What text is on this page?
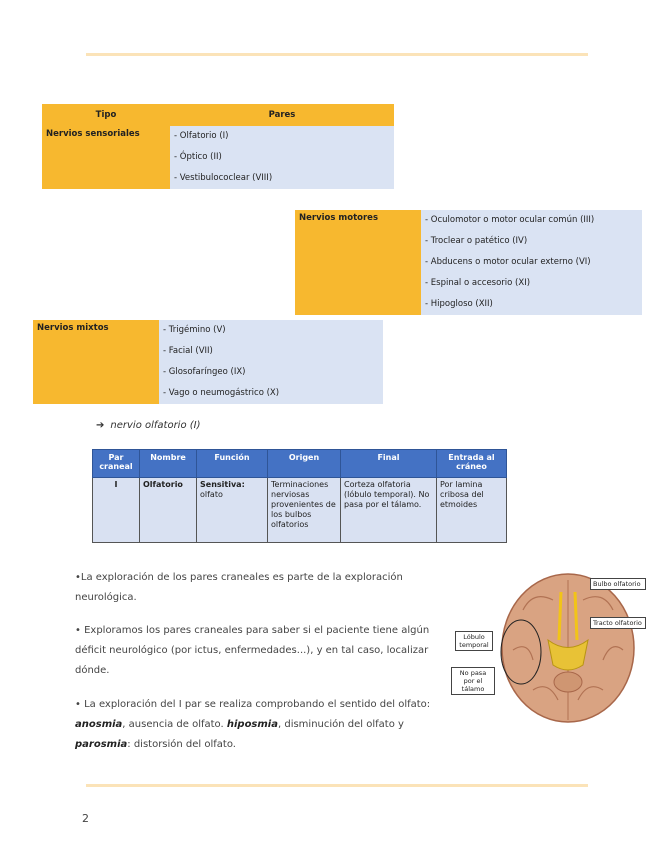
Tipo	Pares
Nervios sensoriales	- Olfatorio (I)
- Óptico (II)
- Vestibulococlear (VIII)
Nervios motores	- Oculomotor o motor ocular común (III)
- Troclear o patético (IV)
- Abducens o motor ocular externo (VI)
- Espinal o accesorio (XI)
- Hipogloso (XII)
Nervios mixtos	- Trigémino (V)
- Facial (VII)
- Glosofaríngeo (IX)
- Vago o neumogástrico (X)
➔ nervio olfatorio (I)
Par craneal	Nombre	Función	Origen	Final	Entrada al cráneo
I	Olfatorio	Sensitiva: olfato	Terminaciones nerviosas provenientes de los bulbos olfatorios	Corteza olfatoria (lóbulo temporal). No pasa por el tálamo.	Por lamina cribosa del etmoides
•La exploración de los pares craneales es parte de la exploración neurológica.
• Exploramos los pares craneales para saber si el paciente tiene algún déficit neurológico (por ictus, enfermedades...), y en tal caso, localizar dónde.
• La exploración del I par se realiza comprobando el sentido del olfato: anosmia, ausencia de olfato. hiposmia, disminución del olfato y parosmia: distorsión del olfato.
Bulbo olfatorio
Tracto olfatorio
Lóbulo temporal
No pasa por el tálamo
2
